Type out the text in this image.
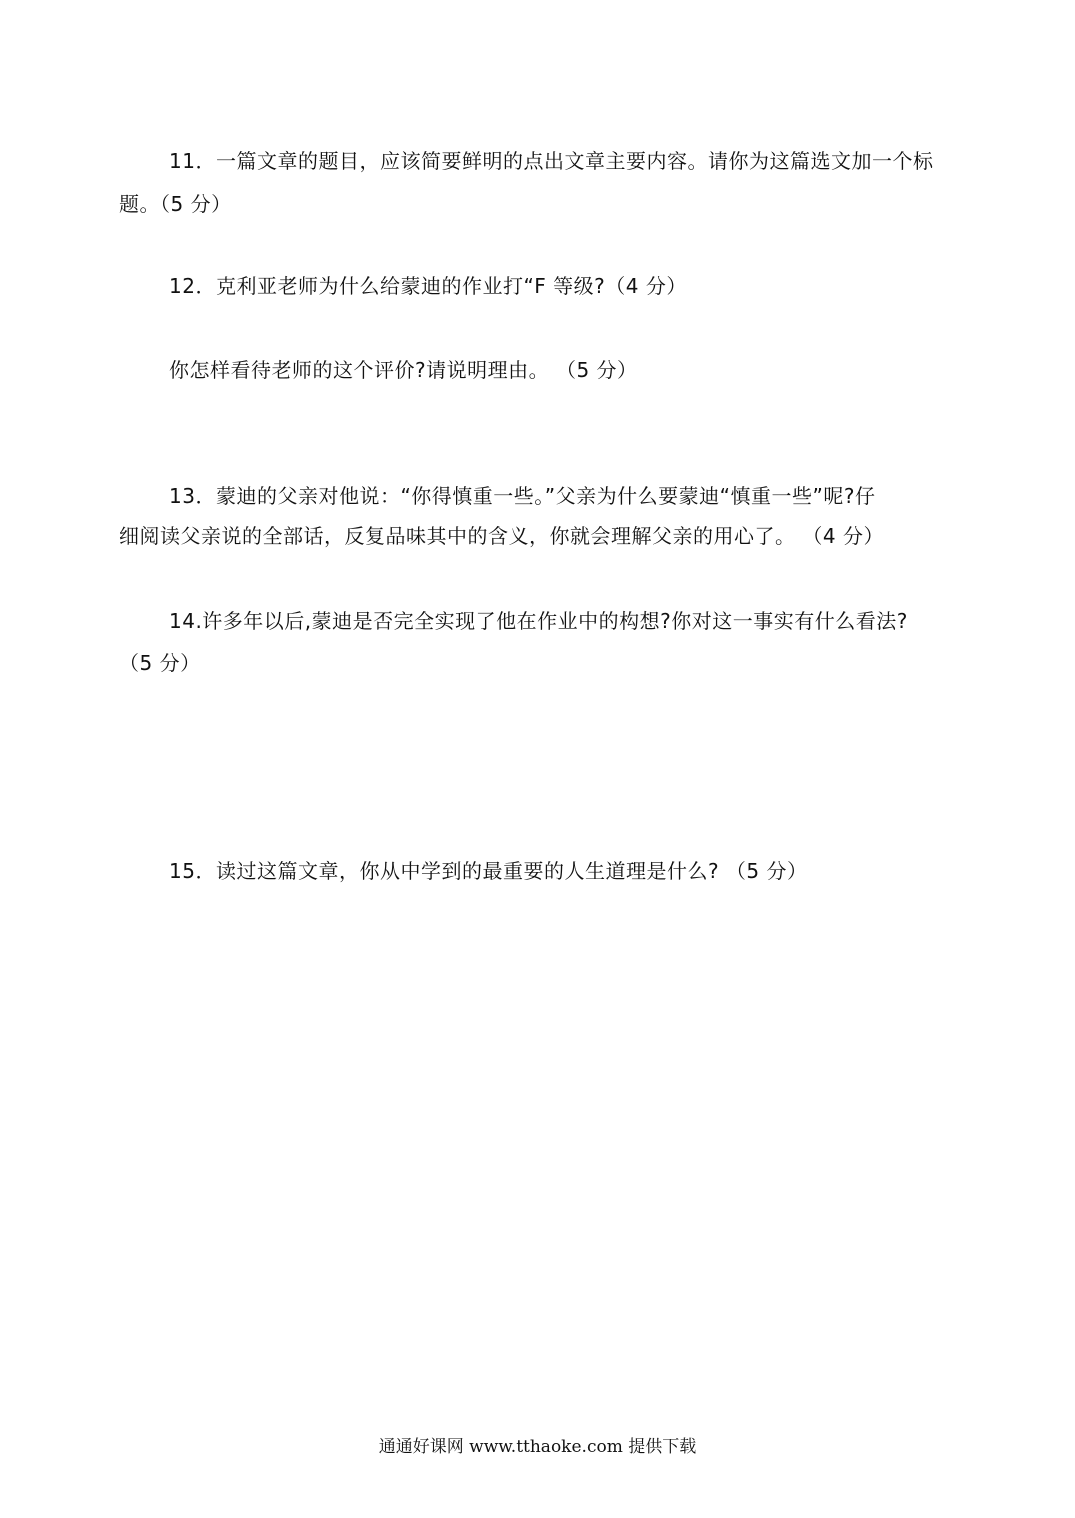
11．一篇文章的题目，应该简要鲜明的点出文章主要内容。请你为这篇选文加一个标
题。（5 分）
12．克利亚老师为什么给蒙迪的作业打“F 等级?（4 分）
你怎样看待老师的这个评价?请说明理由。 （5 分）
13．蒙迪的父亲对他说：“你得慎重一些。”父亲为什么要蒙迪“慎重一些”呢?仔
细阅读父亲说的全部话，反复品味其中的含义，你就会理解父亲的用心了。 （4 分）
14.许多年以后,蒙迪是否完全实现了他在作业中的构想?你对这一事实有什么看法?
（5 分）
15．读过这篇文章，你从中学到的最重要的人生道理是什么? （5 分）
通通好课网 www.tthaoke.com 提供下载
